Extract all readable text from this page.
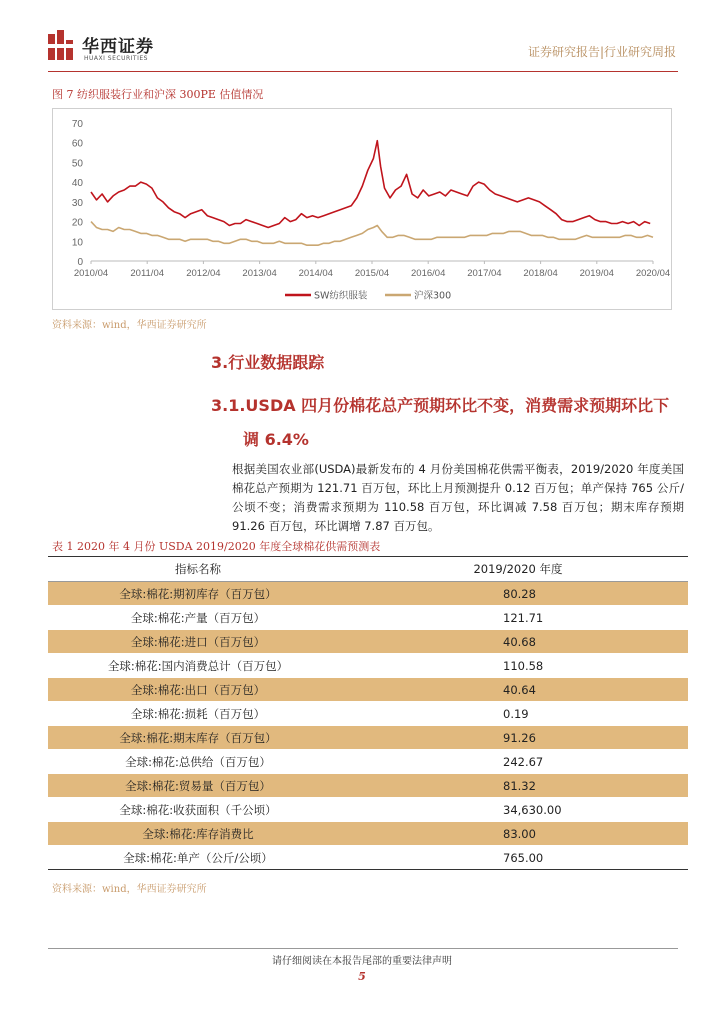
华西证券
HUAXI SECURITIES	证券研究报告|行业研究周报
图 7 纺织服装行业和沪深 300PE 估值情况
0
10
20
30
40
50
60
70
2010/04 2011/04 2012/04 2013/04 2014/04 2015/04 2016/04 2017/04 2018/04 2019/04 2020/04
SW纺织服装	沪深300
资料来源：wind，华西证券研究所
3.行业数据跟踪
3.1.USDA 四月份棉花总产预期环比不变，消费需求预期环比下
调 6.4%
根据美国农业部(USDA)最新发布的 4 月份美国棉花供需平衡表，2019/2020 年度美国棉花总产预期为 121.71 百万包，环比上月预测提升 0.12 百万包；单产保持 765 公斤/公顷不变；消费需求预期为 110.58 百万包，环比调减 7.58 百万包；期末库存预期 91.26 百万包，环比调增 7.87 百万包。
表 1 2020 年 4 月份 USDA 2019/2020 年度全球棉花供需预测表
指标名称	2019/2020 年度
全球:棉花:期初库存（百万包）	80.28
全球:棉花:产量（百万包）	121.71
全球:棉花:进口（百万包）	40.68
全球:棉花:国内消费总计（百万包）	110.58
全球:棉花:出口（百万包）	40.64
全球:棉花:损耗（百万包）	0.19
全球:棉花:期末库存（百万包）	91.26
全球:棉花:总供给（百万包）	242.67
全球:棉花:贸易量（百万包）	81.32
全球:棉花:收获面积（千公顷）	34,630.00
全球:棉花:库存消费比	83.00
全球:棉花:单产（公斤/公顷）	765.00
资料来源：wind，华西证券研究所
请仔细阅读在本报告尾部的重要法律声明
5
